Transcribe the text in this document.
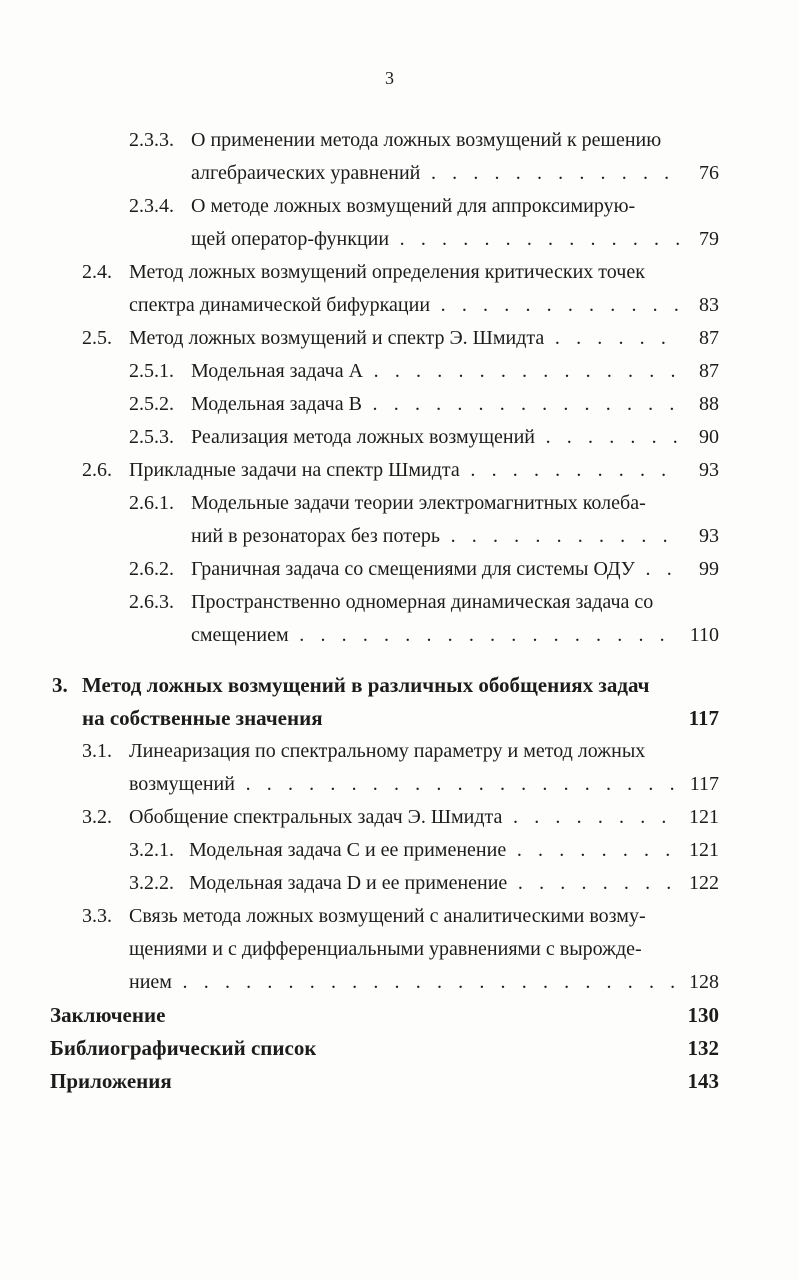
3
2.3.3. О применении метода ложных возмущений к решению
алгебраических уравнений . . .	76
2.3.4. О методе ложных возмущений для аппроксимирую-
щей оператор-функции . . .	79
2.4. Метод ложных возмущений определения критических точек
спектра динамической бифуркации . . .	83
2.5. Метод ложных возмущений и спектр Э. Шмидта . . .	87
2.5.1. Модельная задача А . . .	87
2.5.2. Модельная задача В . . .	88
2.5.3. Реализация метода ложных возмущений . . .	90
2.6. Прикладные задачи на спектр Шмидта . . .	93
2.6.1. Модельные задачи теории электромагнитных колеба-
ний в резонаторах без потерь . . .	93
2.6.2. Граничная задача со смещениями для системы ОДУ . . .	99
2.6.3. Пространственно одномерная динамическая задача со
смещением . . .	110
3. Метод ложных возмущений в различных обобщениях задач
на собственные значения	117
3.1. Линеаризация по спектральному параметру и метод ложных
возмущений . . .	117
3.2. Обобщение спектральных задач Э. Шмидта . . .	121
3.2.1. Модельная задача С и ее применение . . .	121
3.2.2. Модельная задача D и ее применение . . .	122
3.3. Связь метода ложных возмущений с аналитическими возму-
щениями и с дифференциальными уравнениями с вырожде-
нием . . .	128
Заключение	130
Библиографический список	132
Приложения	143
